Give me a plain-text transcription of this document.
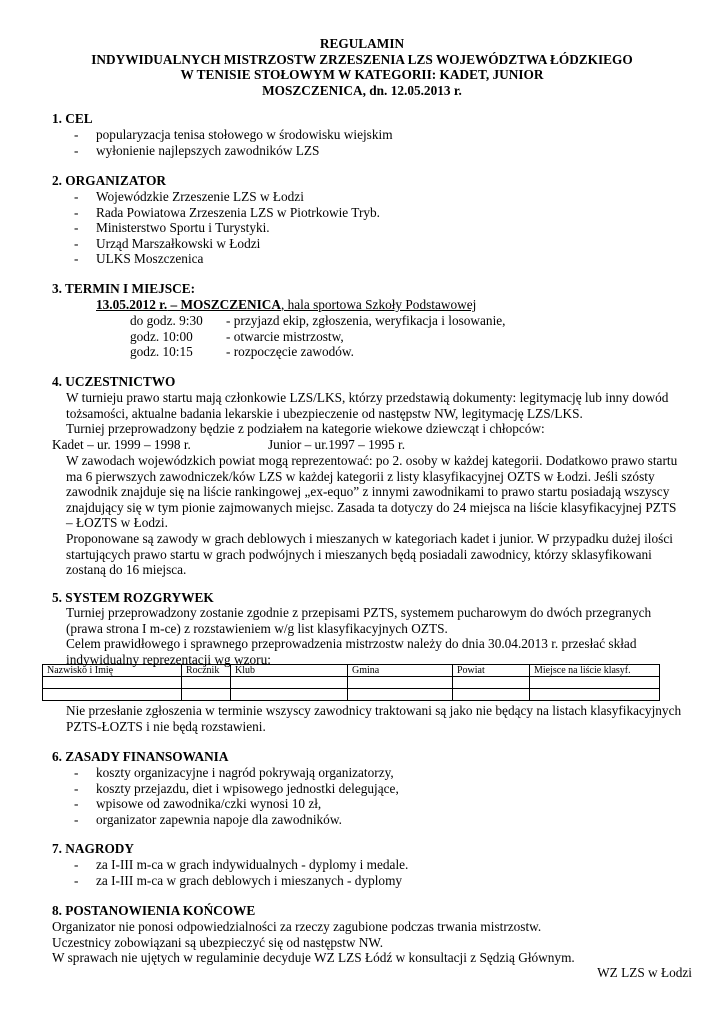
REGULAMIN
INDYWIDUALNYCH MISTRZOSTW ZRZESZENIA LZS WOJEWÓDZTWA ŁÓDZKIEGO
W TENISIE STOŁOWYM W KATEGORII: KADET, JUNIOR
MOSZCZENICA, dn. 12.05.2013 r.
1. CEL
- popularyzacja tenisa stołowego w środowisku wiejskim
- wyłonienie najlepszych zawodników LZS
2. ORGANIZATOR
- Wojewódzkie Zrzeszenie LZS w Łodzi
- Rada Powiatowa Zrzeszenia LZS w Piotrkowie Tryb.
- Ministerstwo Sportu i Turystyki.
- Urząd Marszałkowski w Łodzi
- ULKS Moszczenica
3. TERMIN I MIEJSCE:
13.05.2012 r. – MOSZCZENICA, hala sportowa Szkoły Podstawowej
do godz. 9:30 - przyjazd ekip, zgłoszenia, weryfikacja i losowanie,
godz. 10:00 - otwarcie mistrzostw,
godz. 10:15 - rozpoczęcie zawodów.
4. UCZESTNICTWO
W turnieju prawo startu mają członkowie LZS/LKS, którzy przedstawią dokumenty: legitymację lub inny dowód
tożsamości, aktualne badania lekarskie i ubezpieczenie od następstw NW, legitymację LZS/LKS.
Turniej przeprowadzony będzie z podziałem na kategorie wiekowe dziewcząt i chłopców:
Kadet – ur. 1999 – 1998 r.	Junior – ur.1997 – 1995 r.
W zawodach wojewódzkich powiat mogą reprezentować: po 2. osoby w każdej kategorii. Dodatkowo prawo startu
ma 6 pierwszych zawodniczek/ków LZS w każdej kategorii z listy klasyfikacyjnej OZTS w Łodzi. Jeśli szósty
zawodnik znajduje się na liście rankingowej „ex-equo” z innymi zawodnikami to prawo startu posiadają wszyscy
znajdujący się w tym pionie zajmowanych miejsc. Zasada ta dotyczy do 24 miejsca na liście klasyfikacyjnej PZTS
– ŁOZTS w Łodzi.
Proponowane są zawody w grach deblowych i mieszanych w kategoriach kadet i junior. W przypadku dużej ilości
startujących prawo startu w grach podwójnych i mieszanych będą posiadali zawodnicy, którzy sklasyfikowani
zostaną do 16 miejsca.
5. SYSTEM ROZGRYWEK
Turniej przeprowadzony zostanie zgodnie z przepisami PZTS, systemem pucharowym do dwóch przegranych
(prawa strona I m-ce) z rozstawieniem w/g list klasyfikacyjnych OZTS.
Celem prawidłowego i sprawnego przeprowadzenia mistrzostw należy do dnia 30.04.2013 r. przesłać skład
indywidualny reprezentacji wg wzoru:
Nazwisko i Imię	Rocznik	Klub	Gmina	Powiat	Miejsce na liście klasyf.

Nie przesłanie zgłoszenia w terminie wszyscy zawodnicy traktowani są jako nie będący na listach klasyfikacyjnych
PZTS-ŁOZTS i nie będą rozstawieni.
6. ZASADY FINANSOWANIA
- koszty organizacyjne i nagród pokrywają organizatorzy,
- koszty przejazdu, diet i wpisowego jednostki delegujące,
- wpisowe od zawodnika/czki wynosi 10 zł,
- organizator zapewnia napoje dla zawodników.
7. NAGRODY
- za I-III m-ca w grach indywidualnych - dyplomy i medale.
- za I-III m-ca w grach deblowych i mieszanych - dyplomy
8. POSTANOWIENIA KOŃCOWE
Organizator nie ponosi odpowiedzialności za rzeczy zagubione podczas trwania mistrzostw.
Uczestnicy zobowiązani są ubezpieczyć się od następstw NW.
W sprawach nie ujętych w regulaminie decyduje WZ LZS Łódź w konsultacji z Sędzią Głównym.
WZ LZS w Łodzi
